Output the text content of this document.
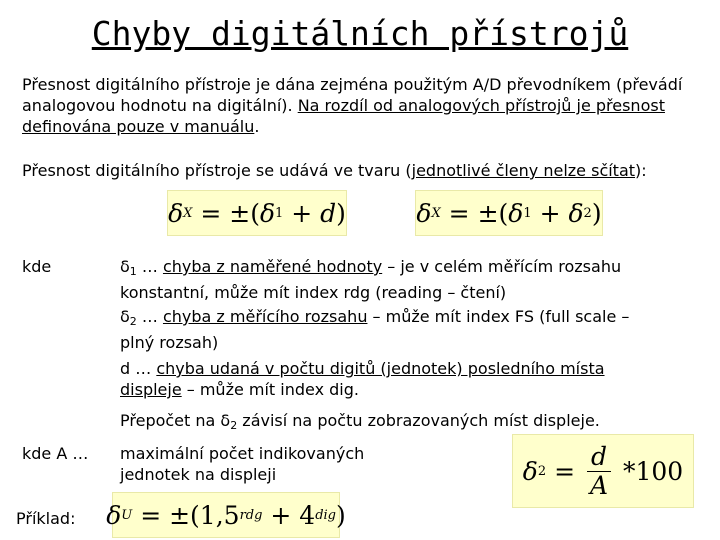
Chyby digitálních přístrojů
Přesnost digitálního přístroje je dána zejména použitým A/D převodníkem (převádí analogovou hodnotu na digitální). Na rozdíl od analogových přístrojů je přesnost definována pouze v manuálu.
Přesnost digitálního přístroje se udává ve tvaru (jednotlivé členy nelze sčítat):
δ X = ±( δ 1 + d )	δ X = ±( δ 1 + δ 2 )
kde	$\delta_1$ … chyba z naměřené hodnoty – je v celém měřícím rozsahu
konstantní, může mít index rdg (reading – čtení)
$\delta_2$ … chyba z měřícího rozsahu – může mít index FS (full scale –
plný rozsah)
d … chyba udaná v počtu digitů (jednotek) posledního místa
displeje – může mít index dig.
Přepočet na $\delta_2$ závisí na počtu zobrazovaných míst displeje.
kde A … maximální počet indikovaných
jednotek na displeji	δ $2 = \frac{d}{A} *100$
Příklad: δ U = ±(1,5 rdg + 4 dig )
